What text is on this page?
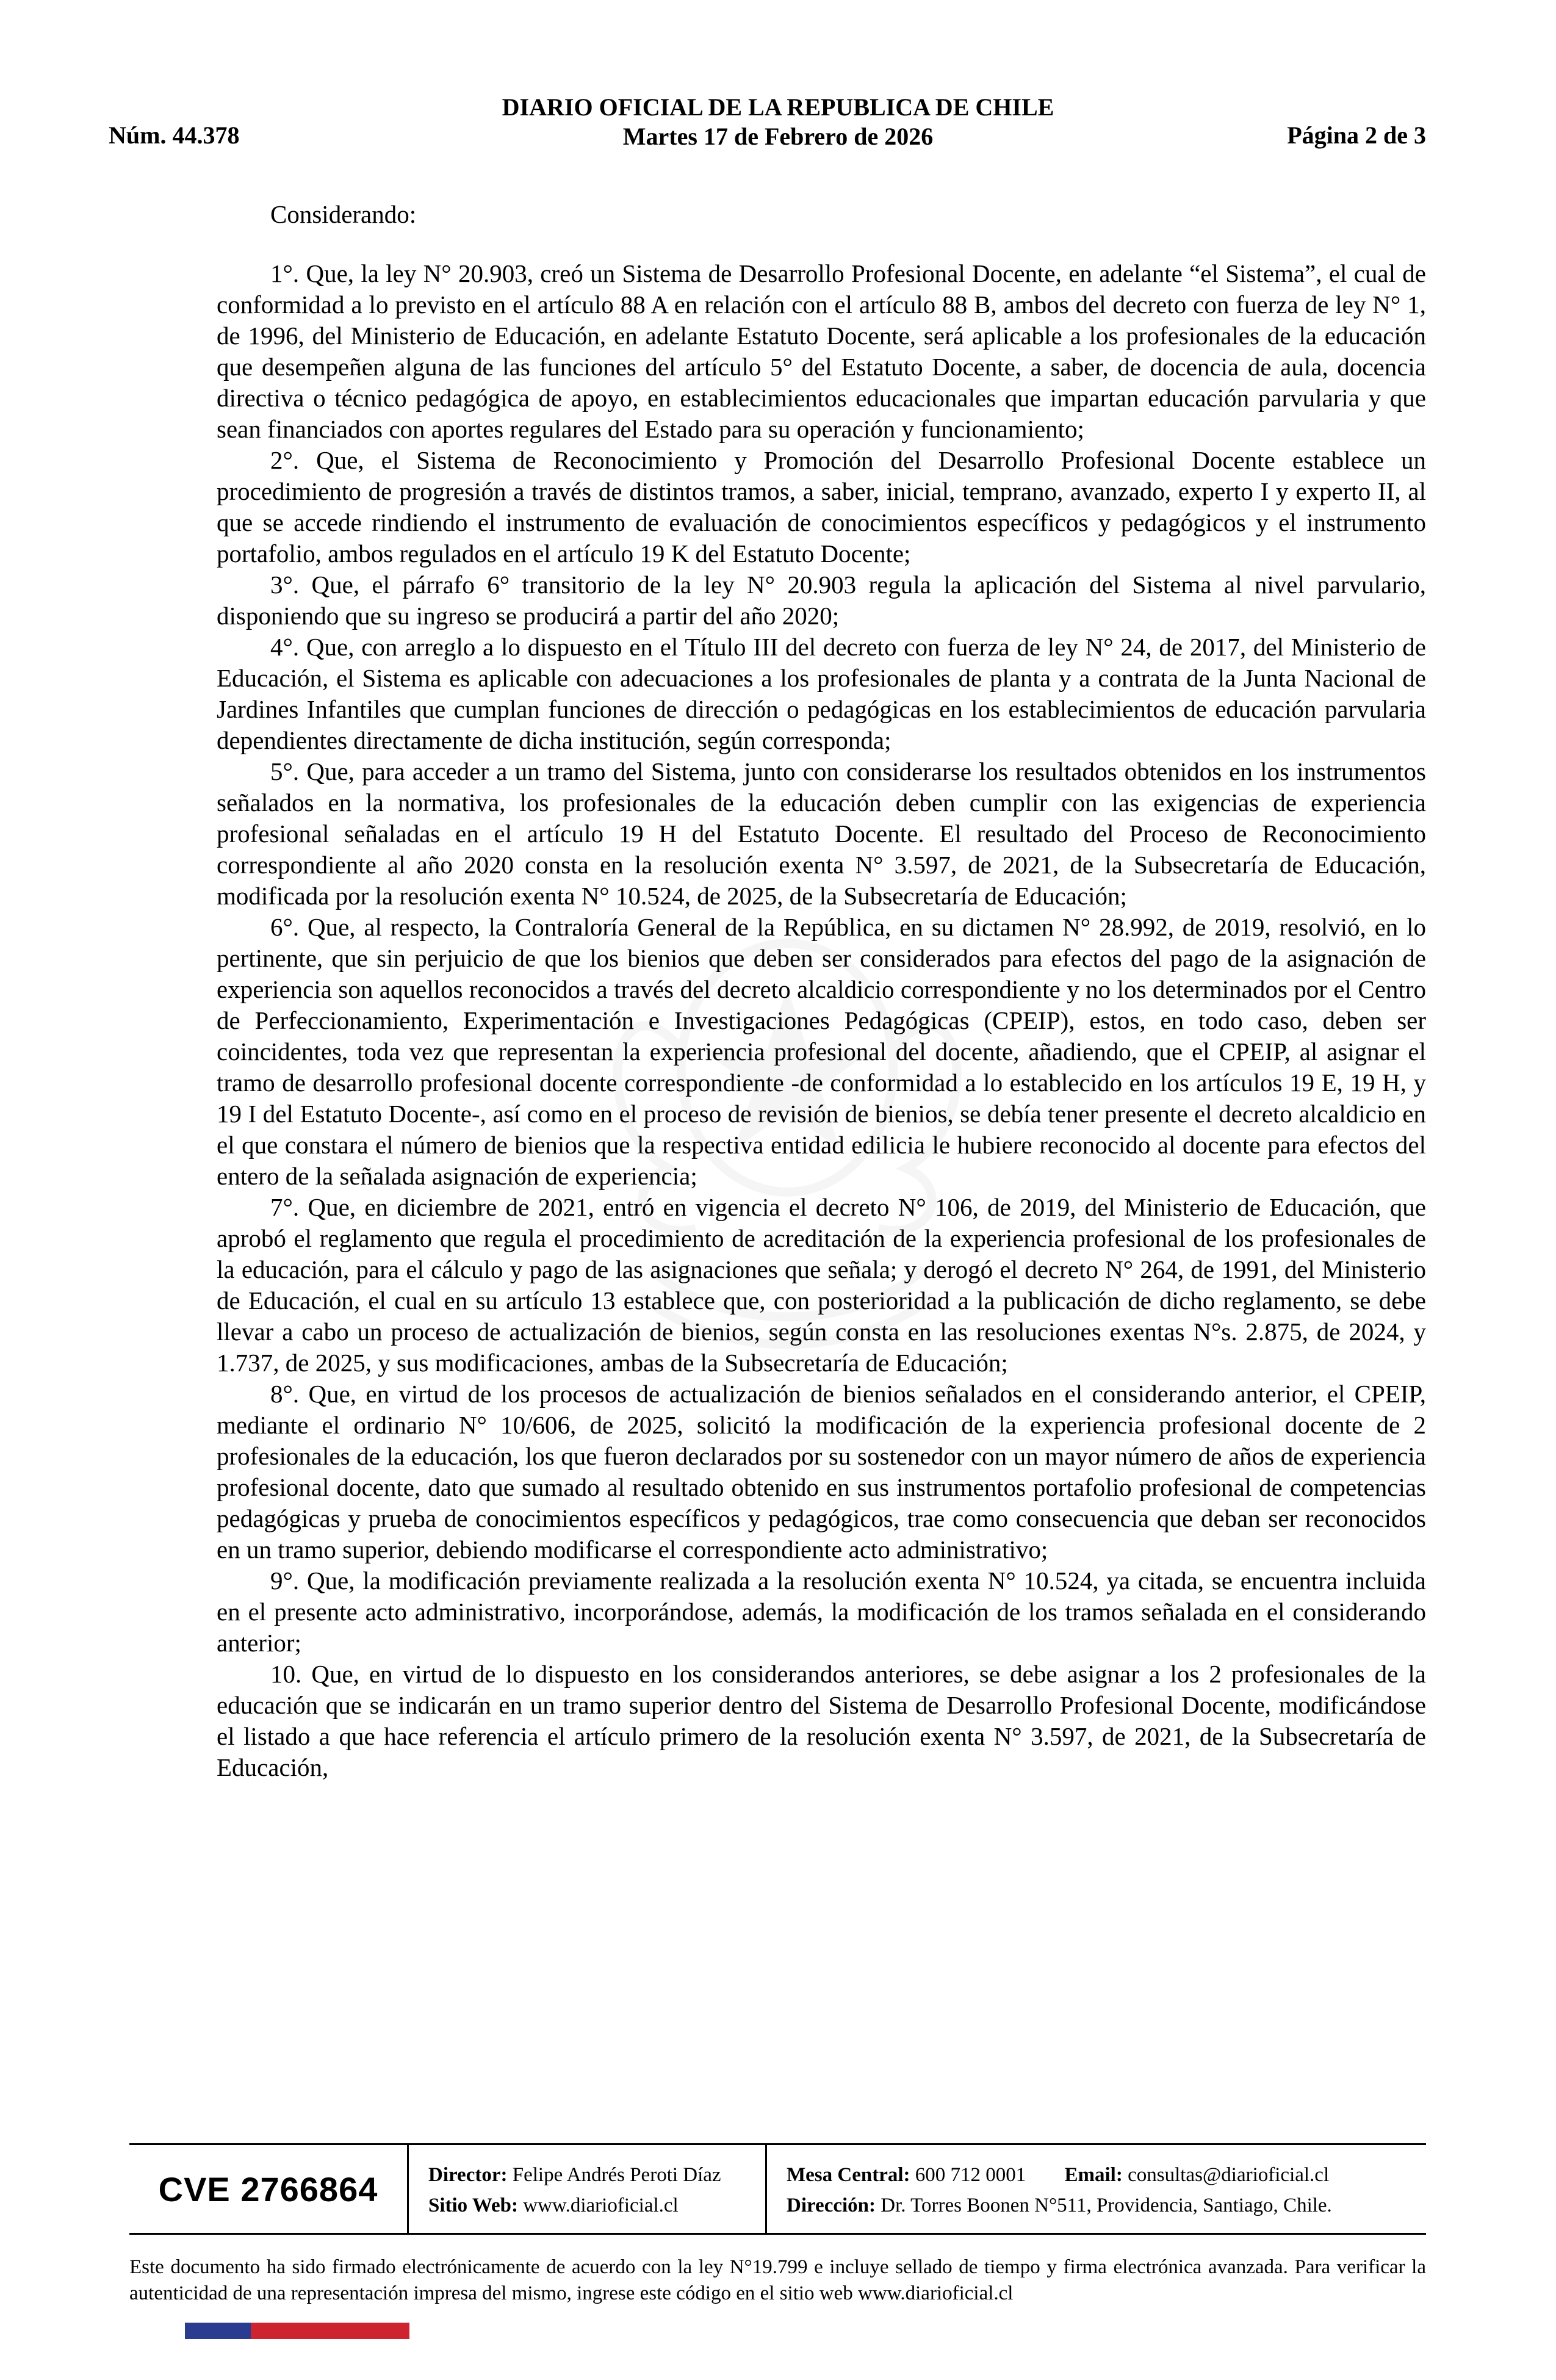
Núm. 44.378
DIARIO OFICIAL DE LA REPUBLICA DE CHILE
Martes 17 de Febrero de 2026	Página 2 de 3

Considerando:

1°. Que, la ley N° 20.903, creó un Sistema de Desarrollo Profesional Docente, en adelante “el Sistema”, el cual de conformidad a lo previsto en el artículo 88 A en relación con el artículo 88 B, ambos del decreto con fuerza de ley N° 1, de 1996, del Ministerio de Educación, en adelante Estatuto Docente, será aplicable a los profesionales de la educación que desempeñen alguna de las funciones del artículo 5° del Estatuto Docente, a saber, de docencia de aula, docencia directiva o técnico pedagógica de apoyo, en establecimientos educacionales que impartan educación parvularia y que sean financiados con aportes regulares del Estado para su operación y funcionamiento;

2°. Que, el Sistema de Reconocimiento y Promoción del Desarrollo Profesional Docente establece un procedimiento de progresión a través de distintos tramos, a saber, inicial, temprano, avanzado, experto I y experto II, al que se accede rindiendo el instrumento de evaluación de conocimientos específicos y pedagógicos y el instrumento portafolio, ambos regulados en el artículo 19 K del Estatuto Docente;

3°. Que, el párrafo 6° transitorio de la ley N° 20.903 regula la aplicación del Sistema al nivel parvulario, disponiendo que su ingreso se producirá a partir del año 2020;

4°. Que, con arreglo a lo dispuesto en el Título III del decreto con fuerza de ley N° 24, de 2017, del Ministerio de Educación, el Sistema es aplicable con adecuaciones a los profesionales de planta y a contrata de la Junta Nacional de Jardines Infantiles que cumplan funciones de dirección o pedagógicas en los establecimientos de educación parvularia dependientes directamente de dicha institución, según corresponda;

5°. Que, para acceder a un tramo del Sistema, junto con considerarse los resultados obtenidos en los instrumentos señalados en la normativa, los profesionales de la educación deben cumplir con las exigencias de experiencia profesional señaladas en el artículo 19 H del Estatuto Docente. El resultado del Proceso de Reconocimiento correspondiente al año 2020 consta en la resolución exenta N° 3.597, de 2021, de la Subsecretaría de Educación, modificada por la resolución exenta N° 10.524, de 2025, de la Subsecretaría de Educación;

6°. Que, al respecto, la Contraloría General de la República, en su dictamen N° 28.992, de 2019, resolvió, en lo pertinente, que sin perjuicio de que los bienios que deben ser considerados para efectos del pago de la asignación de experiencia son aquellos reconocidos a través del decreto alcaldicio correspondiente y no los determinados por el Centro de Perfeccionamiento, Experimentación e Investigaciones Pedagógicas (CPEIP), estos, en todo caso, deben ser coincidentes, toda vez que representan la experiencia profesional del docente, añadiendo, que el CPEIP, al asignar el tramo de desarrollo profesional docente correspondiente -de conformidad a lo establecido en los artículos 19 E, 19 H, y 19 I del Estatuto Docente-, así como en el proceso de revisión de bienios, se debía tener presente el decreto alcaldicio en el que constara el número de bienios que la respectiva entidad edilicia le hubiere reconocido al docente para efectos del entero de la señalada asignación de experiencia;

7°. Que, en diciembre de 2021, entró en vigencia el decreto N° 106, de 2019, del Ministerio de Educación, que aprobó el reglamento que regula el procedimiento de acreditación de la experiencia profesional de los profesionales de la educación, para el cálculo y pago de las asignaciones que señala; y derogó el decreto N° 264, de 1991, del Ministerio de Educación, el cual en su artículo 13 establece que, con posterioridad a la publicación de dicho reglamento, se debe llevar a cabo un proceso de actualización de bienios, según consta en las resoluciones exentas N°s. 2.875, de 2024, y 1.737, de 2025, y sus modificaciones, ambas de la Subsecretaría de Educación;

8°. Que, en virtud de los procesos de actualización de bienios señalados en el considerando anterior, el CPEIP, mediante el ordinario N° 10/606, de 2025, solicitó la modificación de la experiencia profesional docente de 2 profesionales de la educación, los que fueron declarados por su sostenedor con un mayor número de años de experiencia profesional docente, dato que sumado al resultado obtenido en sus instrumentos portafolio profesional de competencias pedagógicas y prueba de conocimientos específicos y pedagógicos, trae como consecuencia que deban ser reconocidos en un tramo superior, debiendo modificarse el correspondiente acto administrativo;

9°. Que, la modificación previamente realizada a la resolución exenta N° 10.524, ya citada, se encuentra incluida en el presente acto administrativo, incorporándose, además, la modificación de los tramos señalada en el considerando anterior;

10. Que, en virtud de lo dispuesto en los considerandos anteriores, se debe asignar a los 2 profesionales de la educación que se indicarán en un tramo superior dentro del Sistema de Desarrollo Profesional Docente, modificándose el listado a que hace referencia el artículo primero de la resolución exenta N° 3.597, de 2021, de la Subsecretaría de Educación,

CVE 2766864	Director: Felipe Andrés Peroti Díaz
Sitio Web: www.diarioficial.cl
Mesa Central: 600 712 0001 Email: consultas@diarioficial.cl
Dirección: Dr. Torres Boonen N°511, Providencia, Santiago, Chile.
Este documento ha sido firmado electrónicamente de acuerdo con la ley N°19.799 e incluye sellado de tiempo y firma electrónica avanzada. Para verificar la autenticidad de una representación impresa del mismo, ingrese este código en el sitio web www.diarioficial.cl
